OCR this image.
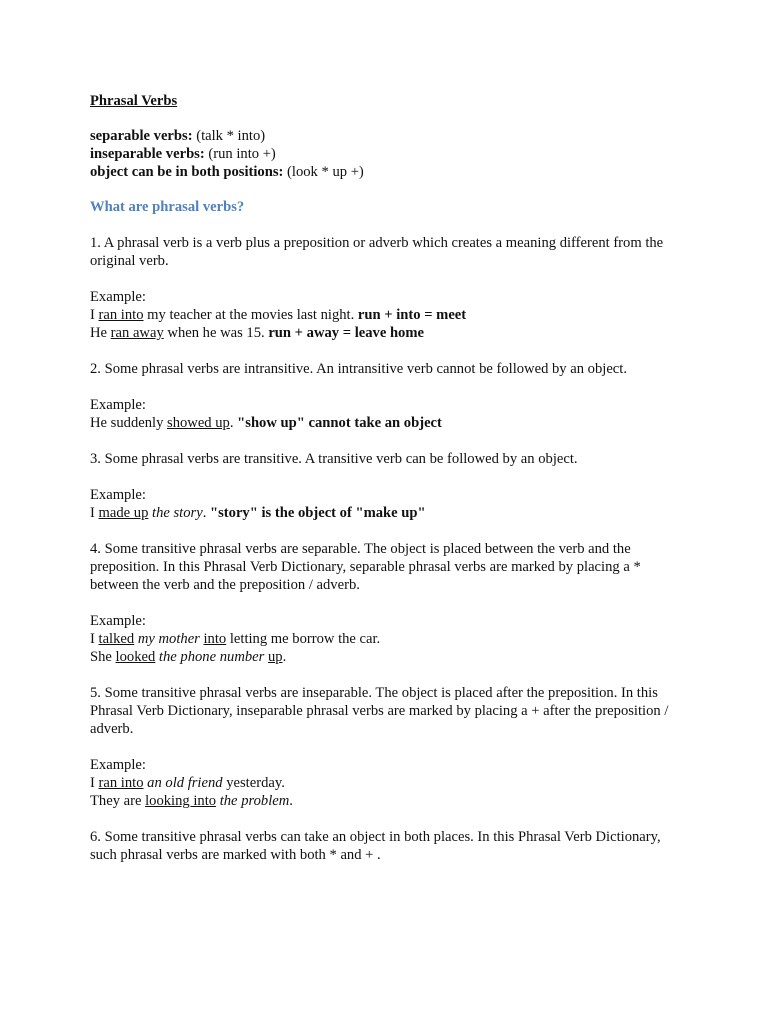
Phrasal Verbs

separable verbs: (talk * into)

inseparable verbs: (run into +)

object can be in both positions: (look * up +)

What are phrasal verbs?

1. A phrasal verb is a verb plus a preposition or adverb which creates a meaning different from the original verb.

Example:

I ran into my teacher at the movies last night. run + into = meet

He ran away when he was 15. run + away = leave home

2. Some phrasal verbs are intransitive. An intransitive verb cannot be followed by an object.

Example:

He suddenly showed up. "show up" cannot take an object

3. Some phrasal verbs are transitive. A transitive verb can be followed by an object.

Example:

I made up the story. "story" is the object of "make up"

4. Some transitive phrasal verbs are separable. The object is placed between the verb and the preposition. In this Phrasal Verb Dictionary, separable phrasal verbs are marked by placing a * between the verb and the preposition / adverb.

Example:

I talked my mother into letting me borrow the car.

She looked the phone number up.

5. Some transitive phrasal verbs are inseparable. The object is placed after the preposition. In this Phrasal Verb Dictionary, inseparable phrasal verbs are marked by placing a + after the preposition / adverb.

Example:

I ran into an old friend yesterday.

They are looking into the problem.

6. Some transitive phrasal verbs can take an object in both places. In this Phrasal Verb Dictionary, such phrasal verbs are marked with both * and + .
